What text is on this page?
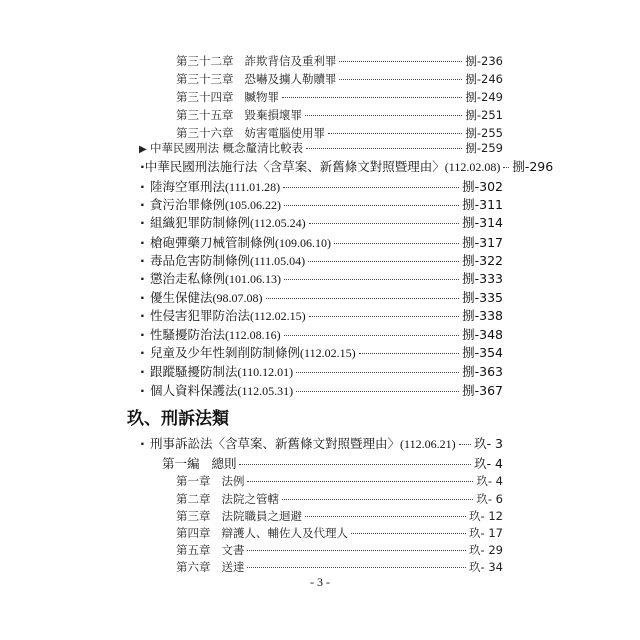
第三十二章 詐欺背信及重利罪	捌-236
第三十三章 恐嚇及擄人勒贖罪	捌-246
第三十四章 贓物罪	捌-249
第三十五章 毀棄損壞罪	捌-251
第三十六章 妨害電腦使用罪	捌-255
▶ 中華民國刑法 概念釐清比較表	捌-259
· 中華民國刑法施行法〈含草案、新舊條文對照暨理由〉(112.02.08) 捌-296
· 陸海空軍刑法(111.01.28)	捌-302
· 貪污治罪條例(105.06.22)	捌-311
· 組織犯罪防制條例(112.05.24)	捌-314
· 槍砲彈藥刀械管制條例(109.06.10)	捌-317
· 毒品危害防制條例(111.05.04)	捌-322
· 懲治走私條例(101.06.13)	捌-333
· 優生保健法(98.07.08)	捌-335
· 性侵害犯罪防治法(112.02.15)	捌-338
· 性騷擾防治法(112.08.16)	捌-348
· 兒童及少年性剝削防制條例(112.02.15)	捌-354
· 跟蹤騷擾防制法(110.12.01)	捌-363
· 個人資料保護法(112.05.31)	捌-367
玖、刑訴法類
· 刑事訴訟法〈含草案、新舊條文對照暨理由〉(112.06.21) 玖- 3
第一編 總則	玖- 4
第一章 法例	玖- 4
第二章 法院之管轄	玖- 6
第三章 法院職員之迴避	玖- 12
第四章 辯護人、輔佐人及代理人	玖- 17
第五章 文書	玖- 29
第六章 送達	玖- 34
- 3 -
